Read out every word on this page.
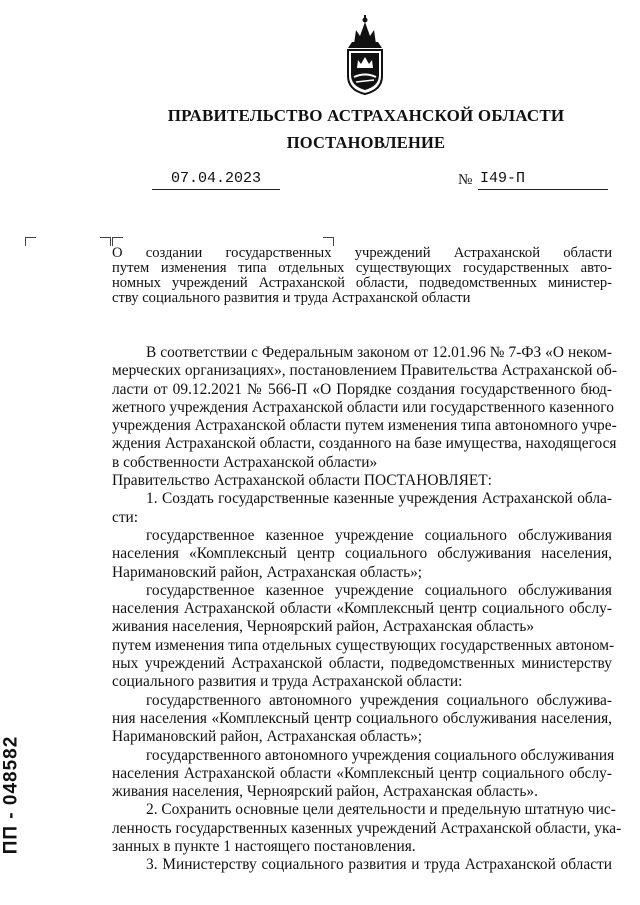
ПРАВИТЕЛЬСТВО АСТРАХАНСКОЙ ОБЛАСТИ
ПОСТАНОВЛЕНИЕ
07.04.2023	№ I49-П
О создании государственных учреждений Астраханской области
путем изменения типа отдельных существующих государственных авто-
номных учреждений Астраханской области, подведомственных министер-
ству социального развития и труда Астраханской области
В соответствии с Федеральным законом от 12.01.96 № 7-ФЗ «О неком-
мерческих организациях», постановлением Правительства Астраханской об-
ласти от 09.12.2021 № 566-П «О Порядке создания государственного бюд-
жетного учреждения Астраханской области или государственного казенного
учреждения Астраханской области путем изменения типа автономного учре-
ждения Астраханской области, созданного на базе имущества, находящегося
в собственности Астраханской области»
Правительство Астраханской области ПОСТАНОВЛЯЕТ:
1. Создать государственные казенные учреждения Астраханской обла-
сти:
государственное казенное учреждение социального обслуживания
населения «Комплексный центр социального обслуживания населения,
Наримановский район, Астраханская область»;
государственное казенное учреждение социального обслуживания
населения Астраханской области «Комплексный центр социального обслу-
живания населения, Черноярский район, Астраханская область»
путем изменения типа отдельных существующих государственных автоном-
ных учреждений Астраханской области, подведомственных министерству
социального развития и труда Астраханской области:
государственного автономного учреждения социального обслужива-
ния населения «Комплексный центр социального обслуживания населения,
Наримановский район, Астраханская область»;
государственного автономного учреждения социального обслуживания
населения Астраханской области «Комплексный центр социального обслу-
живания населения, Черноярский район, Астраханская область».
2. Сохранить основные цели деятельности и предельную штатную чис-
ленность государственных казенных учреждений Астраханской области, ука-
занных в пункте 1 настоящего постановления.
3. Министерству социального развития и труда Астраханской области
ПП - 048582
